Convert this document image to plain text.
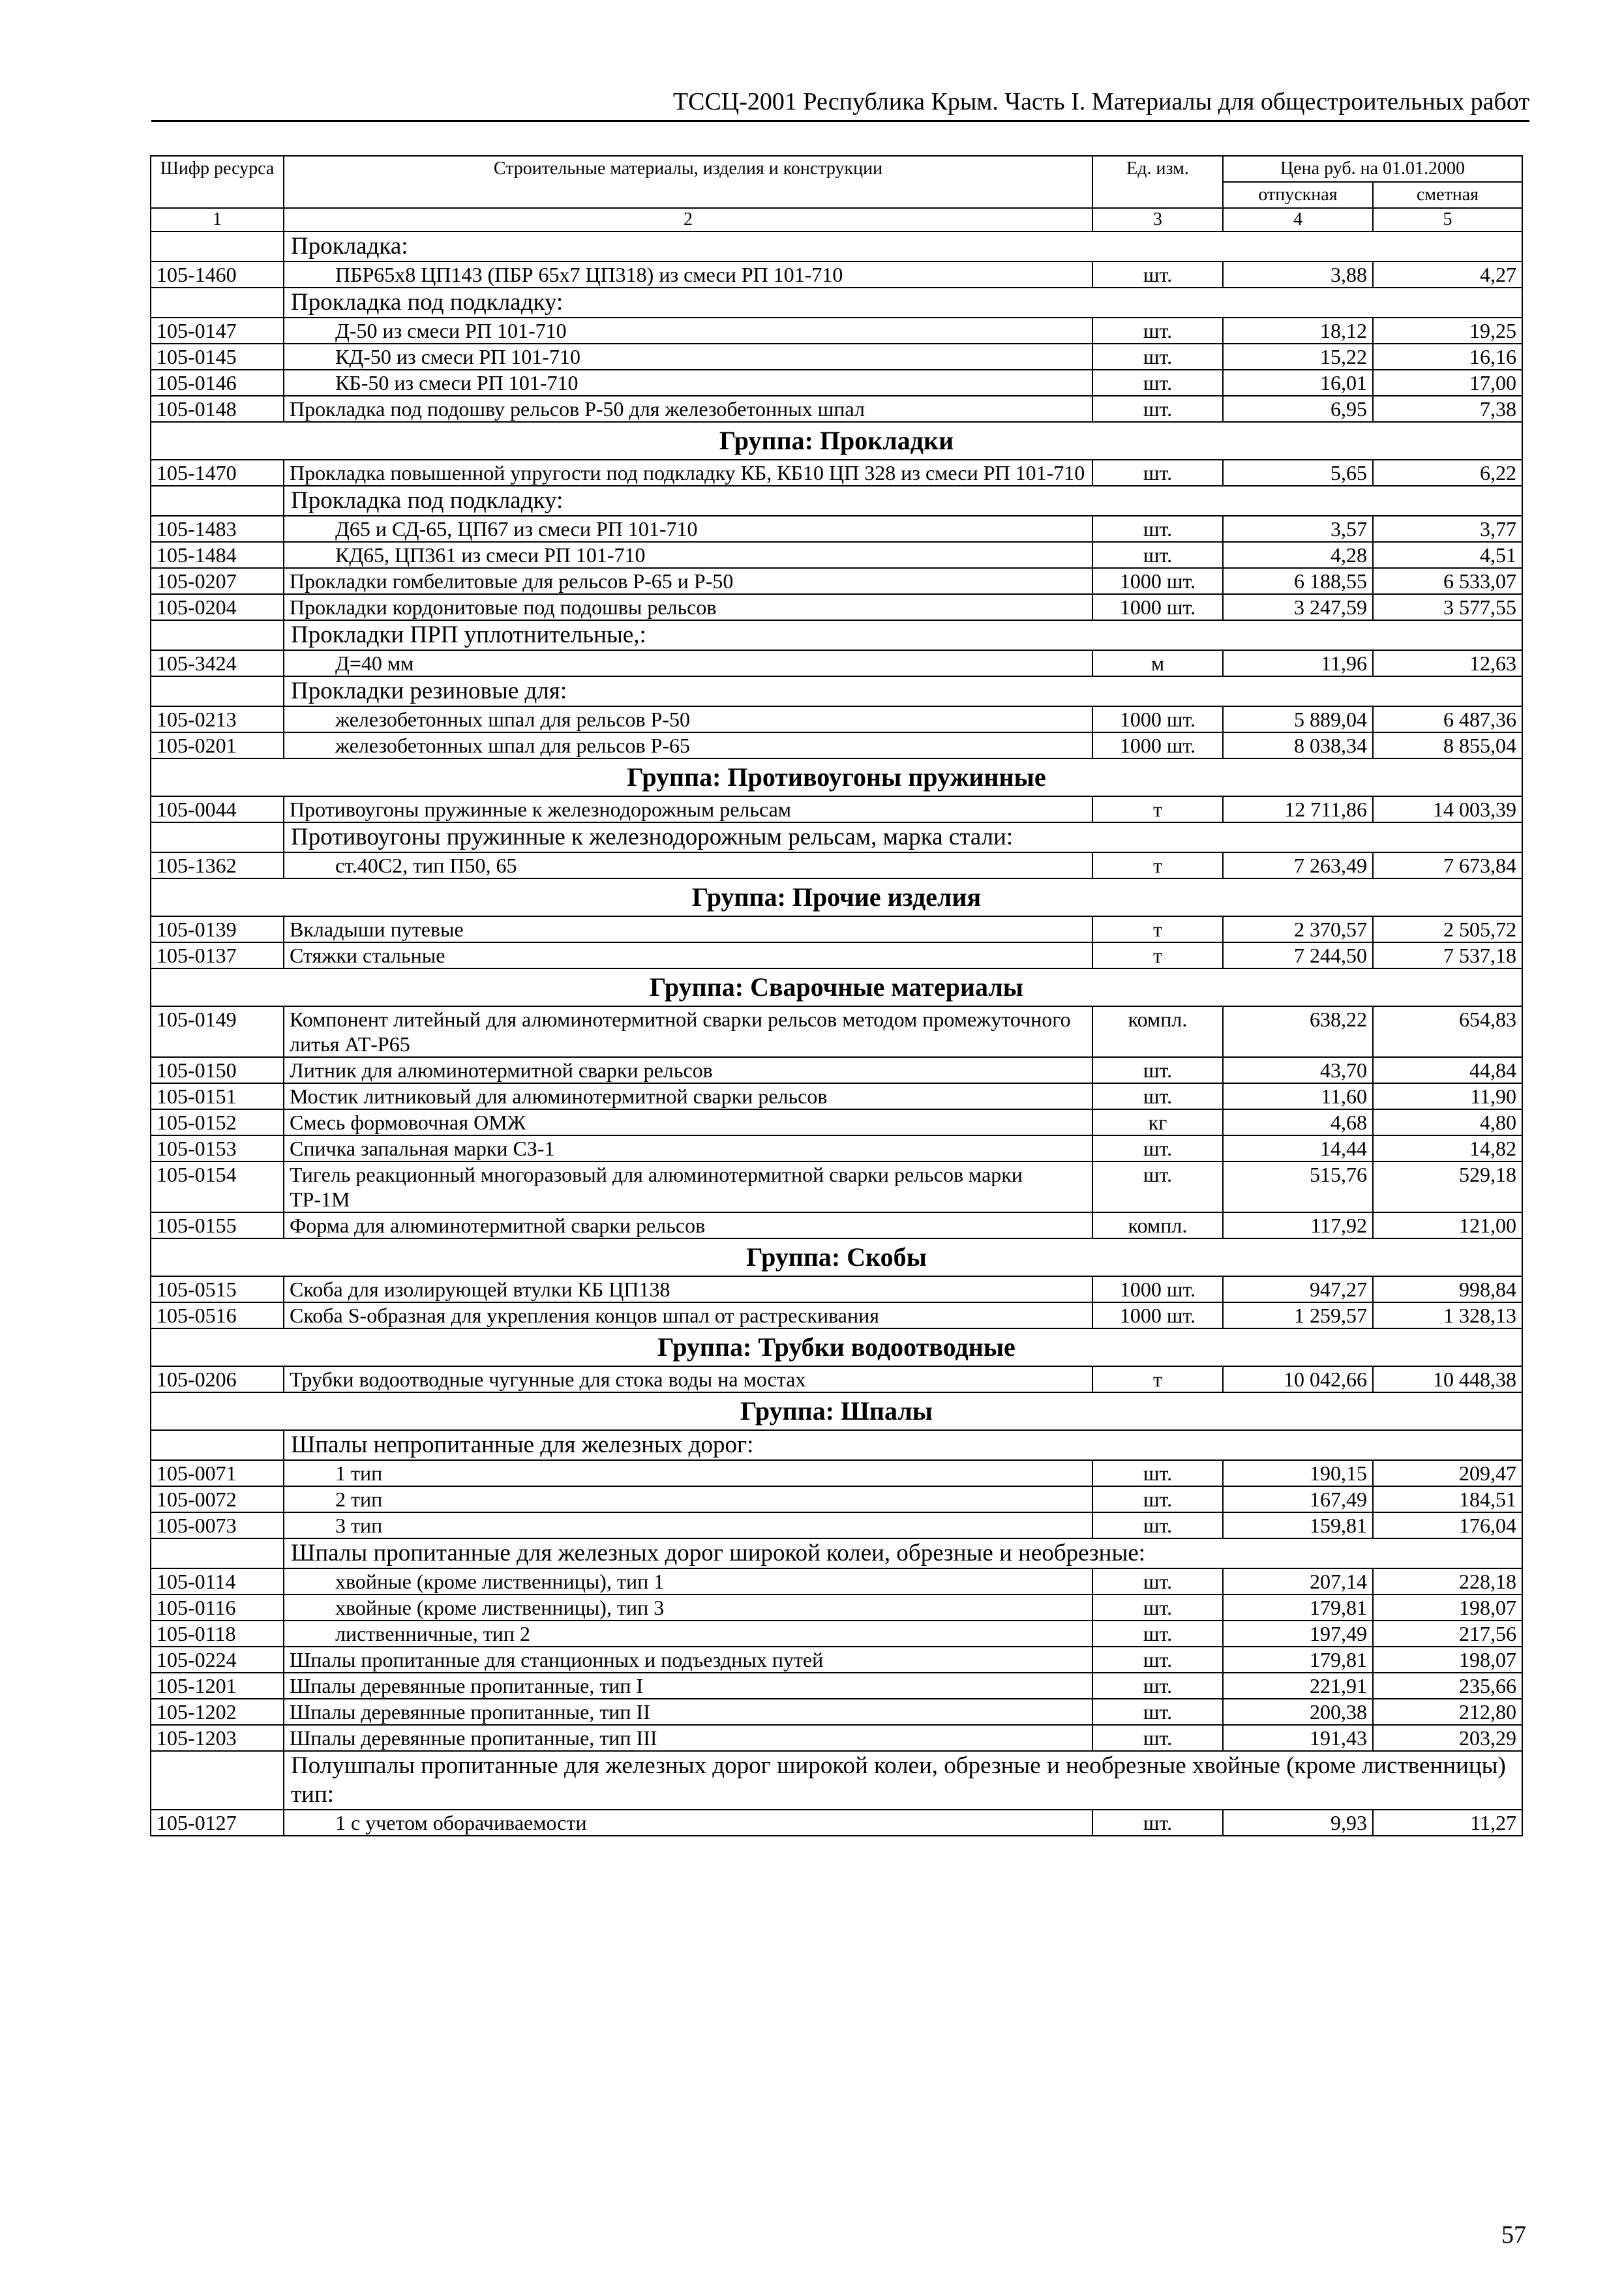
ТССЦ-2001 Республика Крым. Часть I. Материалы для общестроительных работ
Шифр ресурса	Строительные материалы, изделия и конструкции	Ед. изм.	Цена руб. на 01.01.2000	
			отпускная	сметная
1	2	3	4	5
	Прокладка:			
105-1460	ПБР65х8 ЦП143 (ПБР 65х7 ЦП318) из смеси РП 101-710	шт.	3,88	4,27
	Прокладка под подкладку:			
105-0147	Д-50 из смеси РП 101-710	шт.	18,12	19,25
105-0145	КД-50 из смеси РП 101-710	шт.	15,22	16,16
105-0146	КБ-50 из смеси РП 101-710	шт.	16,01	17,00
105-0148	Прокладка под подошву рельсов Р-50 для железобетонных шпал	шт.	6,95	7,38
Группа: Прокладки				
105-1470	Прокладка повышенной упругости под подкладку КБ, КБ10 ЦП 328 из смеси РП 101-710	шт.	5,65	6,22
	Прокладка под подкладку:			
105-1483	Д65 и СД-65, ЦП67 из смеси РП 101-710	шт.	3,57	3,77
105-1484	КД65, ЦП361 из смеси РП 101-710	шт.	4,28	4,51
105-0207	Прокладки гомбелитовые для рельсов Р-65 и Р-50	1000 шт.	6 188,55	6 533,07
105-0204	Прокладки кордонитовые под подошвы рельсов	1000 шт.	3 247,59	3 577,55
	Прокладки ПРП уплотнительные,:			
105-3424	Д=40 мм	м	11,96	12,63
	Прокладки резиновые для:			
105-0213	железобетонных шпал для рельсов Р-50	1000 шт.	5 889,04	6 487,36
105-0201	железобетонных шпал для рельсов Р-65	1000 шт.	8 038,34	8 855,04
Группа: Противоугоны пружинные				
105-0044	Противоугоны пружинные к железнодорожным рельсам	т	12 711,86	14 003,39
	Противоугоны пружинные к железнодорожным рельсам, марка стали:			
105-1362	ст.40С2, тип П50, 65	т	7 263,49	7 673,84
Группа: Прочие изделия				
105-0139	Вкладыши путевые	т	2 370,57	2 505,72
105-0137	Стяжки стальные	т	7 244,50	7 537,18
Группа: Сварочные материалы				
105-0149	Компонент литейный для алюминотермитной сварки рельсов методом промежуточного литья АТ-Р65	компл.	638,22	654,83
105-0150	Литник для алюминотермитной сварки рельсов	шт.	43,70	44,84
105-0151	Мостик литниковый для алюминотермитной сварки рельсов	шт.	11,60	11,90
105-0152	Смесь формовочная ОМЖ	кг	4,68	4,80
105-0153	Спичка запальная марки СЗ-1	шт.	14,44	14,82
105-0154	Тигель реакционный многоразовый для алюминотермитной сварки рельсов марки ТР-1М	шт.	515,76	529,18
105-0155	Форма для алюминотермитной сварки рельсов	компл.	117,92	121,00
Группа: Скобы				
105-0515	Скоба для изолирующей втулки КБ ЦП138	1000 шт.	947,27	998,84
105-0516	Скоба S-образная для укрепления концов шпал от растрескивания	1000 шт.	1 259,57	1 328,13
Группа: Трубки водоотводные				
105-0206	Трубки водоотводные чугунные для стока воды на мостах	т	10 042,66	10 448,38
Группа: Шпалы				
	Шпалы непропитанные для железных дорог:			
105-0071	1 тип	шт.	190,15	209,47
105-0072	2 тип	шт.	167,49	184,51
105-0073	3 тип	шт.	159,81	176,04
	Шпалы пропитанные для железных дорог широкой колеи, обрезные и необрезные:			
105-0114	хвойные (кроме лиственницы), тип 1	шт.	207,14	228,18
105-0116	хвойные (кроме лиственницы), тип 3	шт.	179,81	198,07
105-0118	лиственничные, тип 2	шт.	197,49	217,56
105-0224	Шпалы пропитанные для станционных и подъездных путей	шт.	179,81	198,07
105-1201	Шпалы деревянные пропитанные, тип I	шт.	221,91	235,66
105-1202	Шпалы деревянные пропитанные, тип II	шт.	200,38	212,80
105-1203	Шпалы деревянные пропитанные, тип III	шт.	191,43	203,29
	Полушпалы пропитанные для железных дорог широкой колеи, обрезные и необрезные хвойные (кроме лиственницы) тип:			
105-0127	1 с учетом оборачиваемости	шт.	9,93	11,27
57
